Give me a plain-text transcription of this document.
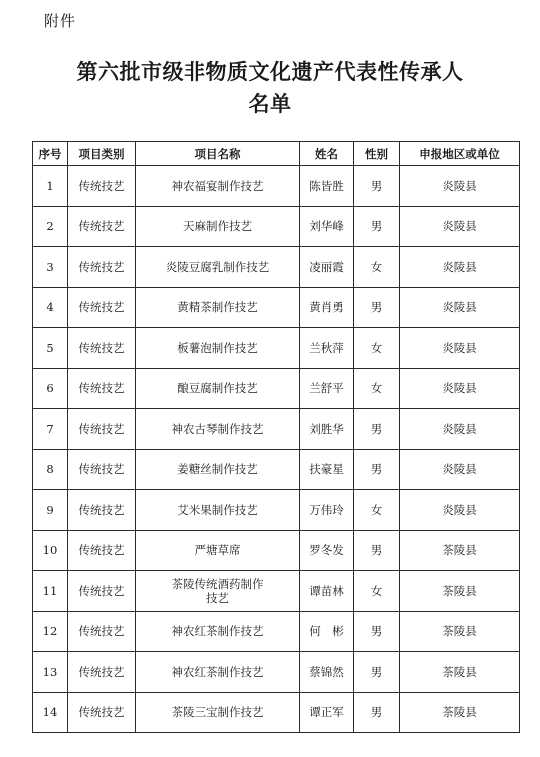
附件
第六批市级非物质文化遗产代表性传承人
名单
序号	项目类别	项目名称	姓名	性别	申报地区或单位
1	传统技艺	神农福宴制作技艺	陈皆胜	男	炎陵县
2	传统技艺	天麻制作技艺	刘华峰	男	炎陵县
3	传统技艺	炎陵豆腐乳制作技艺	凌丽霞	女	炎陵县
4	传统技艺	黄精茶制作技艺	黄肖勇	男	炎陵县
5	传统技艺	板薯泡制作技艺	兰秋萍	女	炎陵县
6	传统技艺	酿豆腐制作技艺	兰舒平	女	炎陵县
7	传统技艺	神农古琴制作技艺	刘胜华	男	炎陵县
8	传统技艺	姜糖丝制作技艺	扶豪星	男	炎陵县
9	传统技艺	艾米果制作技艺	万伟玲	女	炎陵县
10	传统技艺	严塘草席	罗冬发	男	茶陵县
11	传统技艺	茶陵传统酒药制作技艺	谭苗林	女	茶陵县
12	传统技艺	神农红茶制作技艺	何　彬	男	茶陵县
13	传统技艺	神农红茶制作技艺	蔡锦然	男	茶陵县
14	传统技艺	茶陵三宝制作技艺	谭正军	男	茶陵县
